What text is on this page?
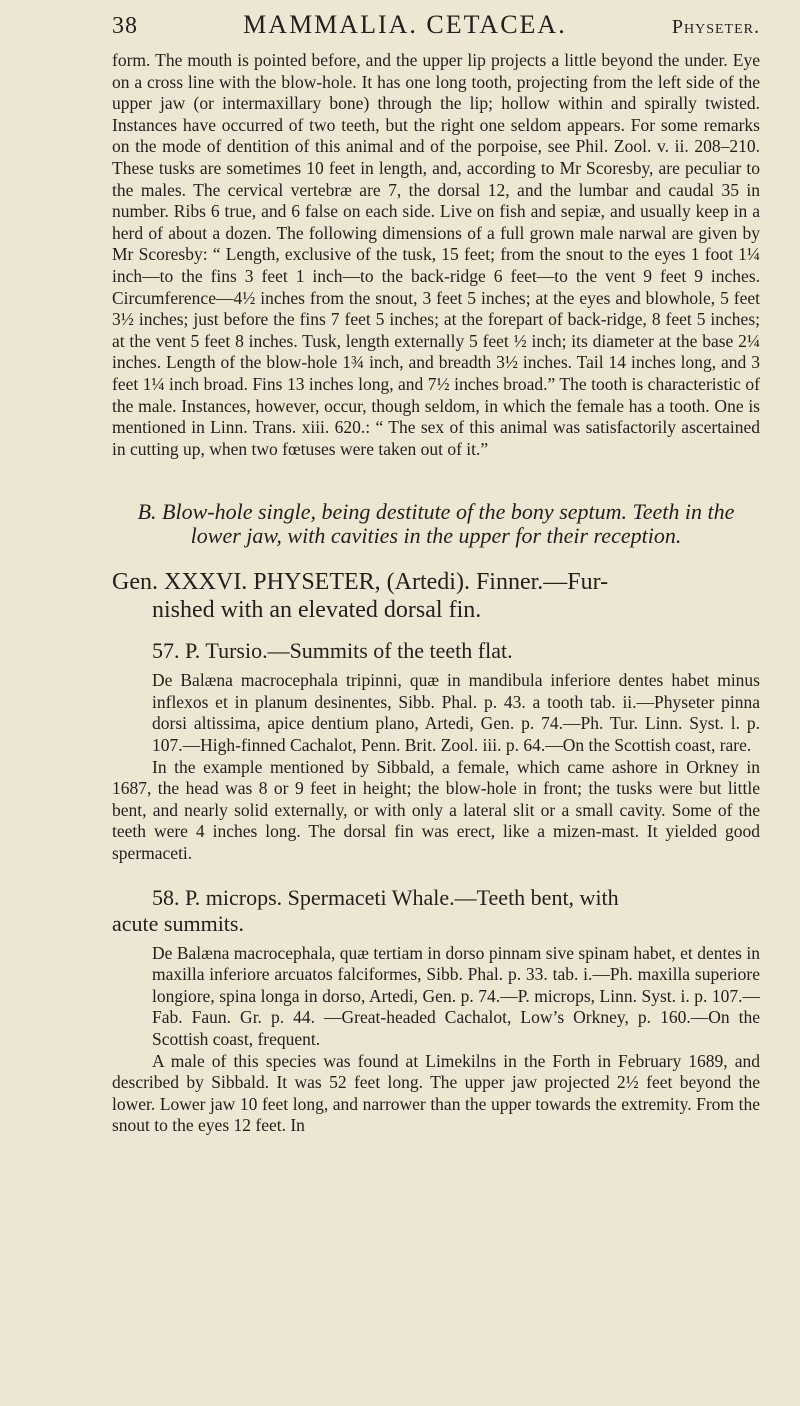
38	MAMMALIA. CETACEA.	Physeter.

form. The mouth is pointed before, and the upper lip projects a little beyond the under. Eye on a cross line with the blow-hole. It has one long tooth, projecting from the left side of the upper jaw (or intermaxillary bone) through the lip; hollow within and spirally twisted. Instances have occurred of two teeth, but the right one seldom appears. For some remarks on the mode of dentition of this animal and of the porpoise, see Phil. Zool. v. ii. 208–210. These tusks are sometimes 10 feet in length, and, according to Mr Scoresby, are peculiar to the males. The cervical vertebræ are 7, the dorsal 12, and the lumbar and caudal 35 in number. Ribs 6 true, and 6 false on each side. Live on fish and sepiæ, and usually keep in a herd of about a dozen. The following dimensions of a full grown male narwal are given by Mr Scoresby: “ Length, exclusive of the tusk, 15 feet; from the snout to the eyes 1 foot 1¼ inch—to the fins 3 feet 1 inch—to the back-ridge 6 feet—to the vent 9 feet 9 inches. Circumference—4½ inches from the snout, 3 feet 5 inches; at the eyes and blowhole, 5 feet 3½ inches; just before the fins 7 feet 5 inches; at the forepart of back-ridge, 8 feet 5 inches; at the vent 5 feet 8 inches. Tusk, length externally 5 feet ½ inch; its diameter at the base 2¼ inches. Length of the blow-hole 1¾ inch, and breadth 3½ inches. Tail 14 inches long, and 3 feet 1¼ inch broad. Fins 13 inches long, and 7½ inches broad.” The tooth is characteristic of the male. Instances, however, occur, though seldom, in which the female has a tooth. One is mentioned in Linn. Trans. xiii. 620.: “ The sex of this animal was satisfactorily ascertained in cutting up, when two fœtuses were taken out of it.”

B. Blow-hole single, being destitute of the bony septum. Teeth in the lower jaw, with cavities in the upper for their reception.

Gen. XXXVI. PHYSETER, (Artedi). Finner.—Fur-
nished with an elevated dorsal fin.
57. P. Tursio.—Summits of the teeth flat.

De Balæna macrocephala tripinni, quæ in mandibula inferiore dentes habet minus inflexos et in planum desinentes, Sibb. Phal. p. 43. a tooth tab. ii.—Physeter pinna dorsi altissima, apice dentium plano, Artedi, Gen. p. 74.—Ph. Tur. Linn. Syst. l. p. 107.—High-finned Cachalot, Penn. Brit. Zool. iii. p. 64.—On the Scottish coast, rare.

In the example mentioned by Sibbald, a female, which came ashore in Orkney in 1687, the head was 8 or 9 feet in height; the blow-hole in front; the tusks were but little bent, and nearly solid externally, or with only a lateral slit or a small cavity. Some of the teeth were 4 inches long. The dorsal fin was erect, like a mizen-mast. It yielded good spermaceti.

58. P. microps. Spermaceti Whale.—Teeth bent, with
acute summits.

De Balæna macrocephala, quæ tertiam in dorso pinnam sive spinam habet, et dentes in maxilla inferiore arcuatos falciformes, Sibb. Phal. p. 33. tab. i.—Ph. maxilla superiore longiore, spina longa in dorso, Artedi, Gen. p. 74.—P. microps, Linn. Syst. i. p. 107.—Fab. Faun. Gr. p. 44. —Great-headed Cachalot, Low’s Orkney, p. 160.—On the Scottish coast, frequent.

A male of this species was found at Limekilns in the Forth in February 1689, and described by Sibbald. It was 52 feet long. The upper jaw projected 2½ feet beyond the lower. Lower jaw 10 feet long, and narrower than the upper towards the extremity. From the snout to the eyes 12 feet. In
